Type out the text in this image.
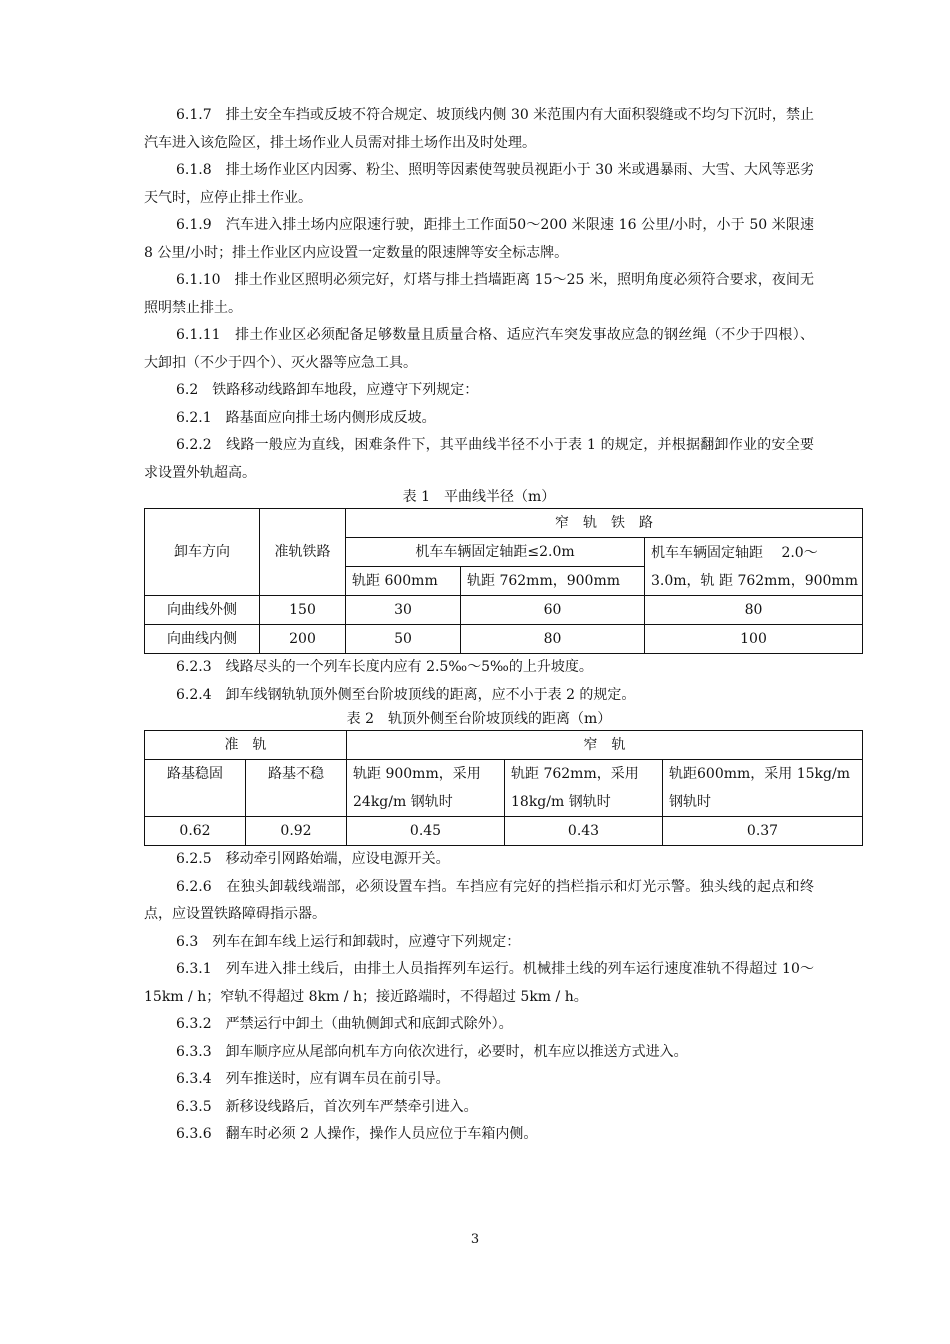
6.1.7　 排土安全车挡或反坡不符合规定、坡顶线内侧 30 米范围内有大面积裂缝或不均匀下沉时，禁止汽车进入该危险区，排土场作业人员需对排土场作出及时处理。

6.1.8　 排土场作业区内因雾、粉尘、照明等因素使驾驶员视距小于 30 米或遇暴雨、大雪、大风等恶劣天气时，应停止排土作业。

6.1.9　 汽车进入排土场内应限速行驶，距排土工作面50～200 米限速 16 公里/小时，小于 50 米限速 8 公里/小时；排土作业区内应设置一定数量的限速牌等安全标志牌。

6.1.10　 排土作业区照明必须完好，灯塔与排土挡墙距离 15～25 米，照明角度必须符合要求，夜间无照明禁止排土。

6.1.11　 排土作业区必须配备足够数量且质量合格、适应汽车突发事故应急的钢丝绳（不少于四根）、大卸扣（不少于四个）、灭火器等应急工具。

6.2　 铁路移动线路卸车地段，应遵守下列规定：

6.2.1　 路基面应向排土场内侧形成反坡。

6.2.2　 线路一般应为直线，困难条件下，其平曲线半径不小于表 1 的规定，并根据翻卸作业的安全要求设置外轨超高。

表 1　平曲线半径（m）

卸车方向	准轨铁路	窄　轨　铁　路		
		机车车辆固定轴距≤2.0m		机车车辆固定轴距　 2.0～3.0m，轨 距 762mm，900mm
		轨距 600mm	轨距 762mm，900mm	
向曲线外侧	150	30	60	80
向曲线内侧	200	50	80	100

6.2.3　 线路尽头的一个列车长度内应有 2.5‰～5‰的上升坡度。

6.2.4　 卸车线钢轨轨顶外侧至台阶坡顶线的距离，应不小于表 2 的规定。

表 2　轨顶外侧至台阶坡顶线的距离（m）

准　轨		窄　轨		
路基稳固	路基不稳	轨距 900mm，采用 24kg/m 钢轨时	轨距 762mm，采用 18kg/m 钢轨时	轨距600mm，采用 15kg/m 钢轨时
0.62	0.92	0.45	0.43	0.37

6.2.5　 移动牵引网路始端，应设电源开关。

6.2.6　 在独头卸载线端部，必须设置车挡。车挡应有完好的挡栏指示和灯光示警。独头线的起点和终点，应设置铁路障碍指示器。

6.3　 列车在卸车线上运行和卸载时，应遵守下列规定：

6.3.1　 列车进入排土线后，由排土人员指挥列车运行。机械排土线的列车运行速度准轨不得超过 10～15km / h；窄轨不得超过 8km / h；接近路端时，不得超过 5km / h。

6.3.2　 严禁运行中卸土（曲轨侧卸式和底卸式除外）。

6.3.3　 卸车顺序应从尾部向机车方向依次进行，必要时，机车应以推送方式进入。

6.3.4　 列车推送时，应有调车员在前引导。

6.3.5　 新移设线路后，首次列车严禁牵引进入。

6.3.6　 翻车时必须 2 人操作，操作人员应位于车箱内侧。

3
